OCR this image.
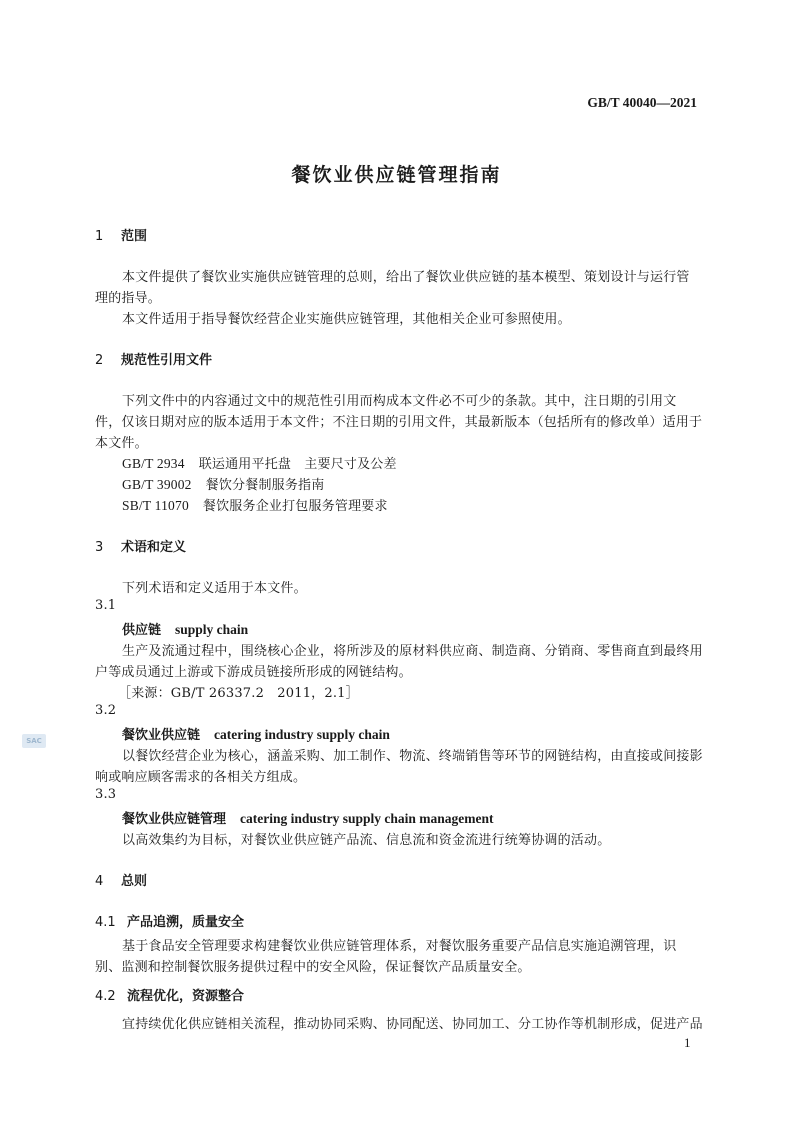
GB/T 40040—2021
餐饮业供应链管理指南
1 范围
本文件提供了餐饮业实施供应链管理的总则，给出了餐饮业供应链的基本模型、策划设计与运行管
理的指导。
本文件适用于指导餐饮经营企业实施供应链管理，其他相关企业可参照使用。
2 规范性引用文件
下列文件中的内容通过文中的规范性引用而构成本文件必不可少的条款。其中，注日期的引用文
件，仅该日期对应的版本适用于本文件；不注日期的引用文件，其最新版本（包括所有的修改单）适用于
本文件。
GB/T 2934 联运通用平托盘　主要尺寸及公差
GB/T 39002 餐饮分餐制服务指南
SB/T 11070 餐饮服务企业打包服务管理要求
3 术语和定义
下列术语和定义适用于本文件。
3.1
供应链 supply chain
生产及流通过程中，围绕核心企业，将所涉及的原材料供应商、制造商、分销商、零售商直到最终用
户等成员通过上游或下游成员链接所形成的网链结构。
［来源：GB/T 26337.2　2011，2.1］
3.2
餐饮业供应链 catering industry supply chain
以餐饮经营企业为核心，涵盖采购、加工制作、物流、终端销售等环节的网链结构，由直接或间接影
响或响应顾客需求的各相关方组成。
3.3
餐饮业供应链管理 catering industry supply chain management
以高效集约为目标，对餐饮业供应链产品流、信息流和资金流进行统筹协调的活动。
4 总则
4.1 产品追溯，质量安全
基于食品安全管理要求构建餐饮业供应链管理体系，对餐饮服务重要产品信息实施追溯管理，识
别、监测和控制餐饮服务提供过程中的安全风险，保证餐饮产品质量安全。
4.2 流程优化，资源整合
宜持续优化供应链相关流程，推动协同采购、协同配送、协同加工、分工协作等机制形成，促进产品
SAC
1
